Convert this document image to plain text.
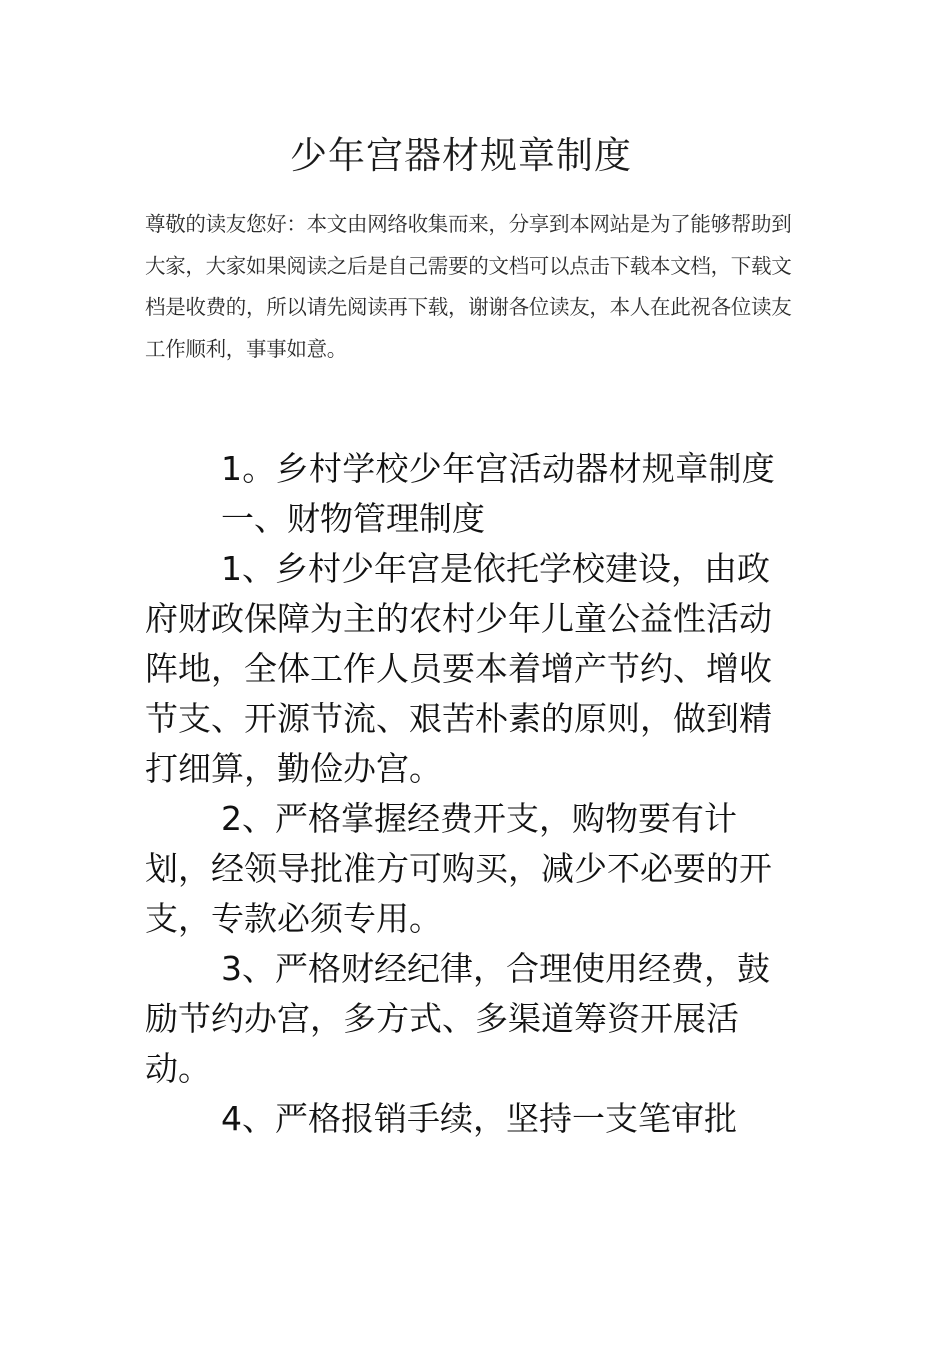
少年宫器材规章制度
尊敬的读友您好：本文由网络收集而来，分享到本网站是为了能够帮助到大家，大家如果阅读之后是自己需要的文档可以点击下载本文档，下载文档是收费的，所以请先阅读再下载，谢谢各位读友，本人在此祝各位读友工作顺利，事事如意。

1。乡村学校少年宫活动器材规章制度

一、财物管理制度

1、乡村少年宫是依托学校建设，由政府财政保障为主的农村少年儿童公益性活动阵地，全体工作人员要本着增产节约、增收节支、开源节流、艰苦朴素的原则，做到精打细算，勤俭办宫。

2、严格掌握经费开支，购物要有计划，经领导批准方可购买，减少不必要的开支，专款必须专用。

3、严格财经纪律，合理使用经费，鼓励节约办宫，多方式、多渠道筹资开展活动。

4、严格报销手续，坚持一支笔审批
